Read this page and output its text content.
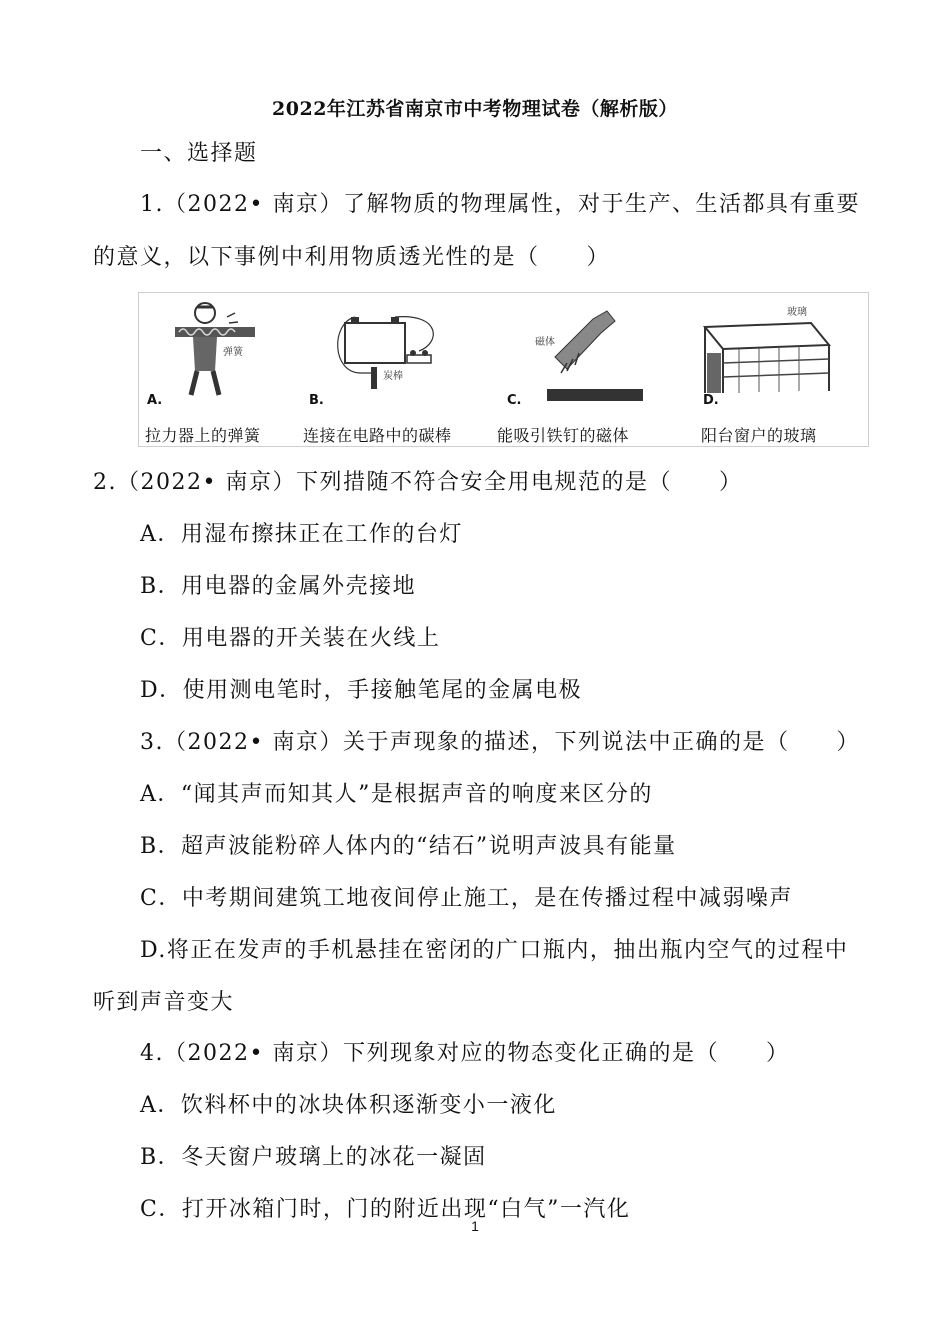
2022年江苏省南京市中考物理试卷（解析版）
一、选择题
1.（2022• 南京）了解物质的物理属性，对于生产、生活都具有重要
的意义，以下事例中利用物质透光性的是（　　）
弹簧
A.
拉力器上的弹簧
炭棒
B.
连接在电路中的碳棒
磁体
C.
能吸引铁钉的磁体
玻璃
D.
阳台窗户的玻璃
2.（2022• 南京）下列措随不符合安全用电规范的是（　　）
A．用湿布擦抹正在工作的台灯
B．用电器的金属外壳接地
C．用电器的开关装在火线上
D．使用测电笔时，手接触笔尾的金属电极
3.（2022• 南京）关于声现象的描述，下列说法中正确的是（　　）
A．“闻其声而知其人”是根据声音的响度来区分的
B．超声波能粉碎人体内的“结石”说明声波具有能量
C．中考期间建筑工地夜间停止施工，是在传播过程中减弱噪声
D.将正在发声的手机悬挂在密闭的广口瓶内，抽出瓶内空气的过程中
听到声音变大
4.（2022• 南京）下列现象对应的物态变化正确的是（　　）
A．饮料杯中的冰块体积逐渐变小一液化
B．冬天窗户玻璃上的冰花一凝固
C．打开冰箱门时，门的附近出现“白气”一汽化
1
